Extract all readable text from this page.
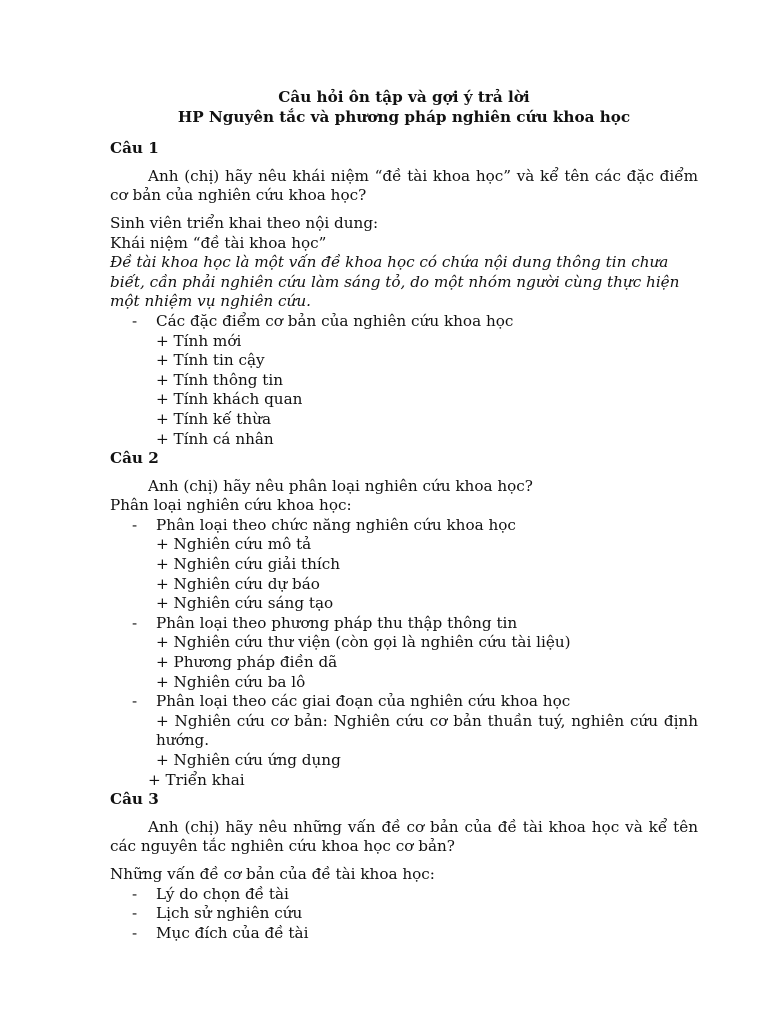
Câu hỏi ôn tập và gợi ý trả lời

HP Nguyên tắc và phương pháp nghiên cứu khoa học

Câu 1

Anh (chị) hãy nêu khái niệm “đề tài khoa học” và kể tên các đặc điểm cơ bản của nghiên cứu khoa học?

Sinh viên triển khai theo nội dung:

Khái niệm “đề tài khoa học”

Đề tài khoa học là một vấn đề khoa học có chứa nội dung thông tin chưa biết, cần phải nghiên cứu làm sáng tỏ, do một nhóm người cùng thực hiện một nhiệm vụ nghiên cứu.

- Các đặc điểm cơ bản của nghiên cứu khoa học

+ Tính mới

+ Tính tin cậy

+ Tính thông tin

+ Tính khách quan

+ Tính kế thừa

+ Tính cá nhân

Câu 2

Anh (chị) hãy nêu phân loại nghiên cứu khoa học?

Phân loại nghiên cứu khoa học:

- Phân loại theo chức năng nghiên cứu khoa học

+ Nghiên cứu mô tả

+ Nghiên cứu giải thích

+ Nghiên cứu dự báo

+ Nghiên cứu sáng tạo

- Phân loại theo phương pháp thu thập thông tin

+ Nghiên cứu thư viện (còn gọi là nghiên cứu tài liệu)

+ Phương pháp điền dã

+ Nghiên cứu ba lô

- Phân loại theo các giai đoạn của nghiên cứu khoa học

+ Nghiên cứu cơ bản: Nghiên cứu cơ bản thuần tuý, nghiên cứu định hướng.

+ Nghiên cứu ứng dụng

+ Triển khai

Câu 3

Anh (chị) hãy nêu những vấn đề cơ bản của đề tài khoa học và kể tên các nguyên tắc nghiên cứu khoa học cơ bản?

Những vấn đề cơ bản của đề tài khoa học:

- Lý do chọn đề tài
- Lịch sử nghiên cứu
- Mục đích của đề tài
